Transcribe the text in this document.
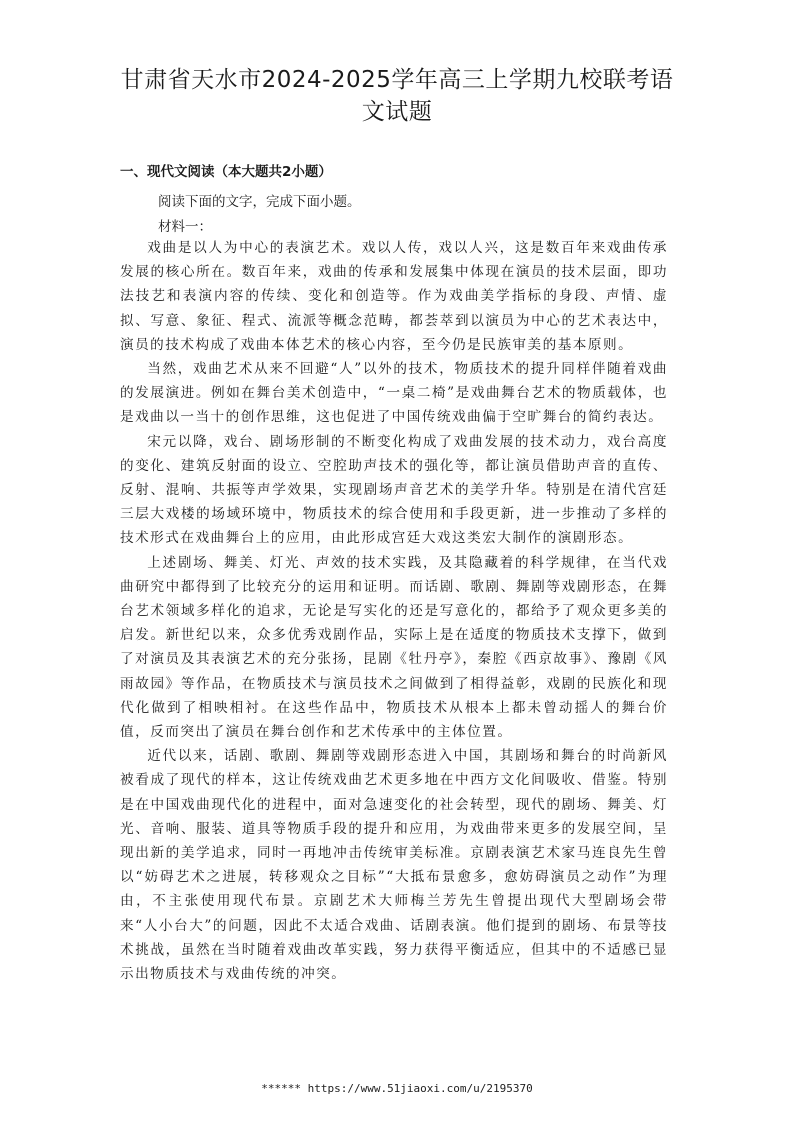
甘肃省天水市2024-2025学年高三上学期九校联考语文试题

一、现代文阅读（本大题共2小题）

阅读下面的文字，完成下面小题。

材料一：

戏曲是以人为中心的表演艺术。戏以人传，戏以人兴，这是数百年来戏曲传承发展的核心所在。数百年来，戏曲的传承和发展集中体现在演员的技术层面，即功法技艺和表演内容的传续、变化和创造等。作为戏曲美学指标的身段、声情、虚拟、写意、象征、程式、流派等概念范畴，都荟萃到以演员为中心的艺术表达中，演员的技术构成了戏曲本体艺术的核心内容，至今仍是民族审美的基本原则。

当然，戏曲艺术从来不回避“人”以外的技术，物质技术的提升同样伴随着戏曲的发展演进。例如在舞台美术创造中，“一桌二椅”是戏曲舞台艺术的物质载体，也是戏曲以一当十的创作思维，这也促进了中国传统戏曲偏于空旷舞台的简约表达。

宋元以降，戏台、剧场形制的不断变化构成了戏曲发展的技术动力，戏台高度的变化、建筑反射面的设立、空腔助声技术的强化等，都让演员借助声音的直传、反射、混响、共振等声学效果，实现剧场声音艺术的美学升华。特别是在清代宫廷三层大戏楼的场域环境中，物质技术的综合使用和手段更新，进一步推动了多样的技术形式在戏曲舞台上的应用，由此形成宫廷大戏这类宏大制作的演剧形态。

上述剧场、舞美、灯光、声效的技术实践，及其隐藏着的科学规律，在当代戏曲研究中都得到了比较充分的运用和证明。而话剧、歌剧、舞剧等戏剧形态，在舞台艺术领域多样化的追求，无论是写实化的还是写意化的，都给予了观众更多美的启发。新世纪以来，众多优秀戏剧作品，实际上是在适度的物质技术支撑下，做到了对演员及其表演艺术的充分张扬，昆剧《牡丹亭》，秦腔《西京故事》、豫剧《风雨故园》等作品，在物质技术与演员技术之间做到了相得益彰，戏剧的民族化和现代化做到了相映相衬。在这些作品中，物质技术从根本上都未曾动摇人的舞台价值，反而突出了演员在舞台创作和艺术传承中的主体位置。

近代以来，话剧、歌剧、舞剧等戏剧形态进入中国，其剧场和舞台的时尚新风被看成了现代的样本，这让传统戏曲艺术更多地在中西方文化间吸收、借鉴。特别是在中国戏曲现代化的进程中，面对急速变化的社会转型，现代的剧场、舞美、灯光、音响、服装、道具等物质手段的提升和应用，为戏曲带来更多的发展空间，呈现出新的美学追求，同时一再地冲击传统审美标准。京剧表演艺术家马连良先生曾以“妨碍艺术之进展，转移观众之目标”“大抵布景愈多，愈妨碍演员之动作”为理由，不主张使用现代布景。京剧艺术大师梅兰芳先生曾提出现代大型剧场会带来“人小台大”的问题，因此不太适合戏曲、话剧表演。他们提到的剧场、布景等技术挑战，虽然在当时随着戏曲改革实践，努力获得平衡适应，但其中的不适感已显示出物质技术与戏曲传统的冲突。

****** https://www.51jiaoxi.com/u/2195370
